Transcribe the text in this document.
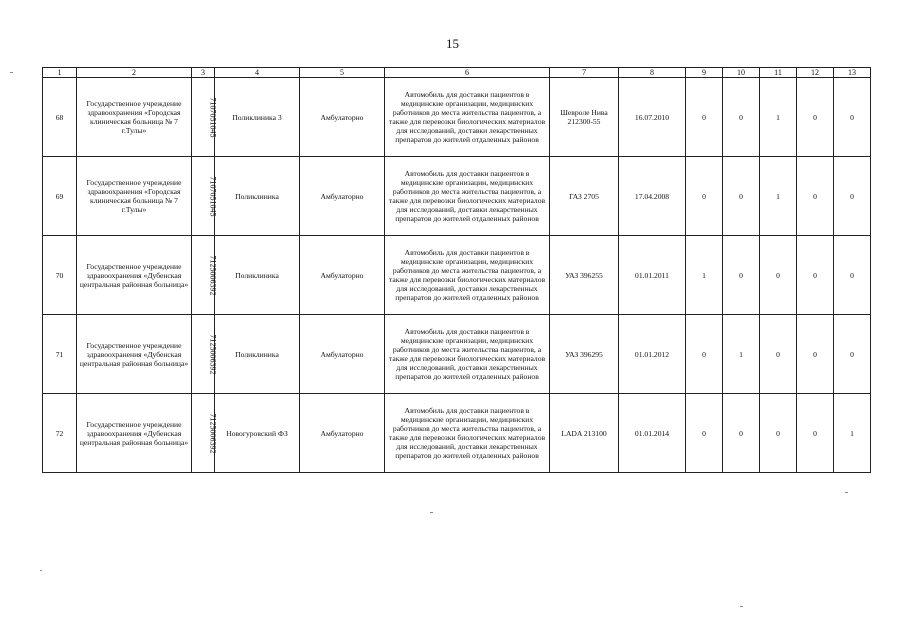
15
1	2	3	4	5	6	7	8	9	10	11	12	13
68	Государственное учреждение здравоохранения «Городская клиническая больница № 7 г.Тулы»	7107051045	Поликлиника 3	Амбулаторно	Автомобиль для доставки пациентов в медицинские организации, медицинских работников до места жительства пациентов, а также для перевозки биологических материалов для исследований, доставки лекарственных препаратов до жителей отдаленных районов	Шевроле Нива 212300-55	16.07.2010	0	0	1	0	0
69	Государственное учреждение здравоохранения «Городская клиническая больница № 7 г.Тулы»	7107051045	Поликлиника	Амбулаторно	Автомобиль для доставки пациентов в медицинские организации, медицинских работников до места жительства пациентов, а также для перевозки биологических материалов для исследований, доставки лекарственных препаратов до жителей отдаленных районов	ГАЗ 2705	17.04.2008	0	0	1	0	0
70	Государственное учреждение здравоохранения «Дубенская центральная районная больница»	7125006392	Поликлиника	Амбулаторно	Автомобиль для доставки пациентов в медицинские организации, медицинских работников до места жительства пациентов, а также для перевозки биологических материалов для исследований, доставки лекарственных препаратов до жителей отдаленных районов	УАЗ 396255	01.01.2011	1	0	0	0	0
71	Государственное учреждение здравоохранения «Дубенская центральная районная больница»	7125006392	Поликлиника	Амбулаторно	Автомобиль для доставки пациентов в медицинские организации, медицинских работников до места жительства пациентов, а также для перевозки биологических материалов для исследований, доставки лекарственных препаратов до жителей отдаленных районов	УАЗ 396295	01.01.2012	0	1	0	0	0
72	Государственное учреждение здравоохранения «Дубенская центральная районная больница»	7125006392	Новогуровский ФЗ	Амбулаторно	Автомобиль для доставки пациентов в медицинские организации, медицинских работников до места жительства пациентов, а также для перевозки биологических материалов для исследований, доставки лекарственных препаратов до жителей отдаленных районов	LADA 213100	01.01.2014	0	0	0	0	1
